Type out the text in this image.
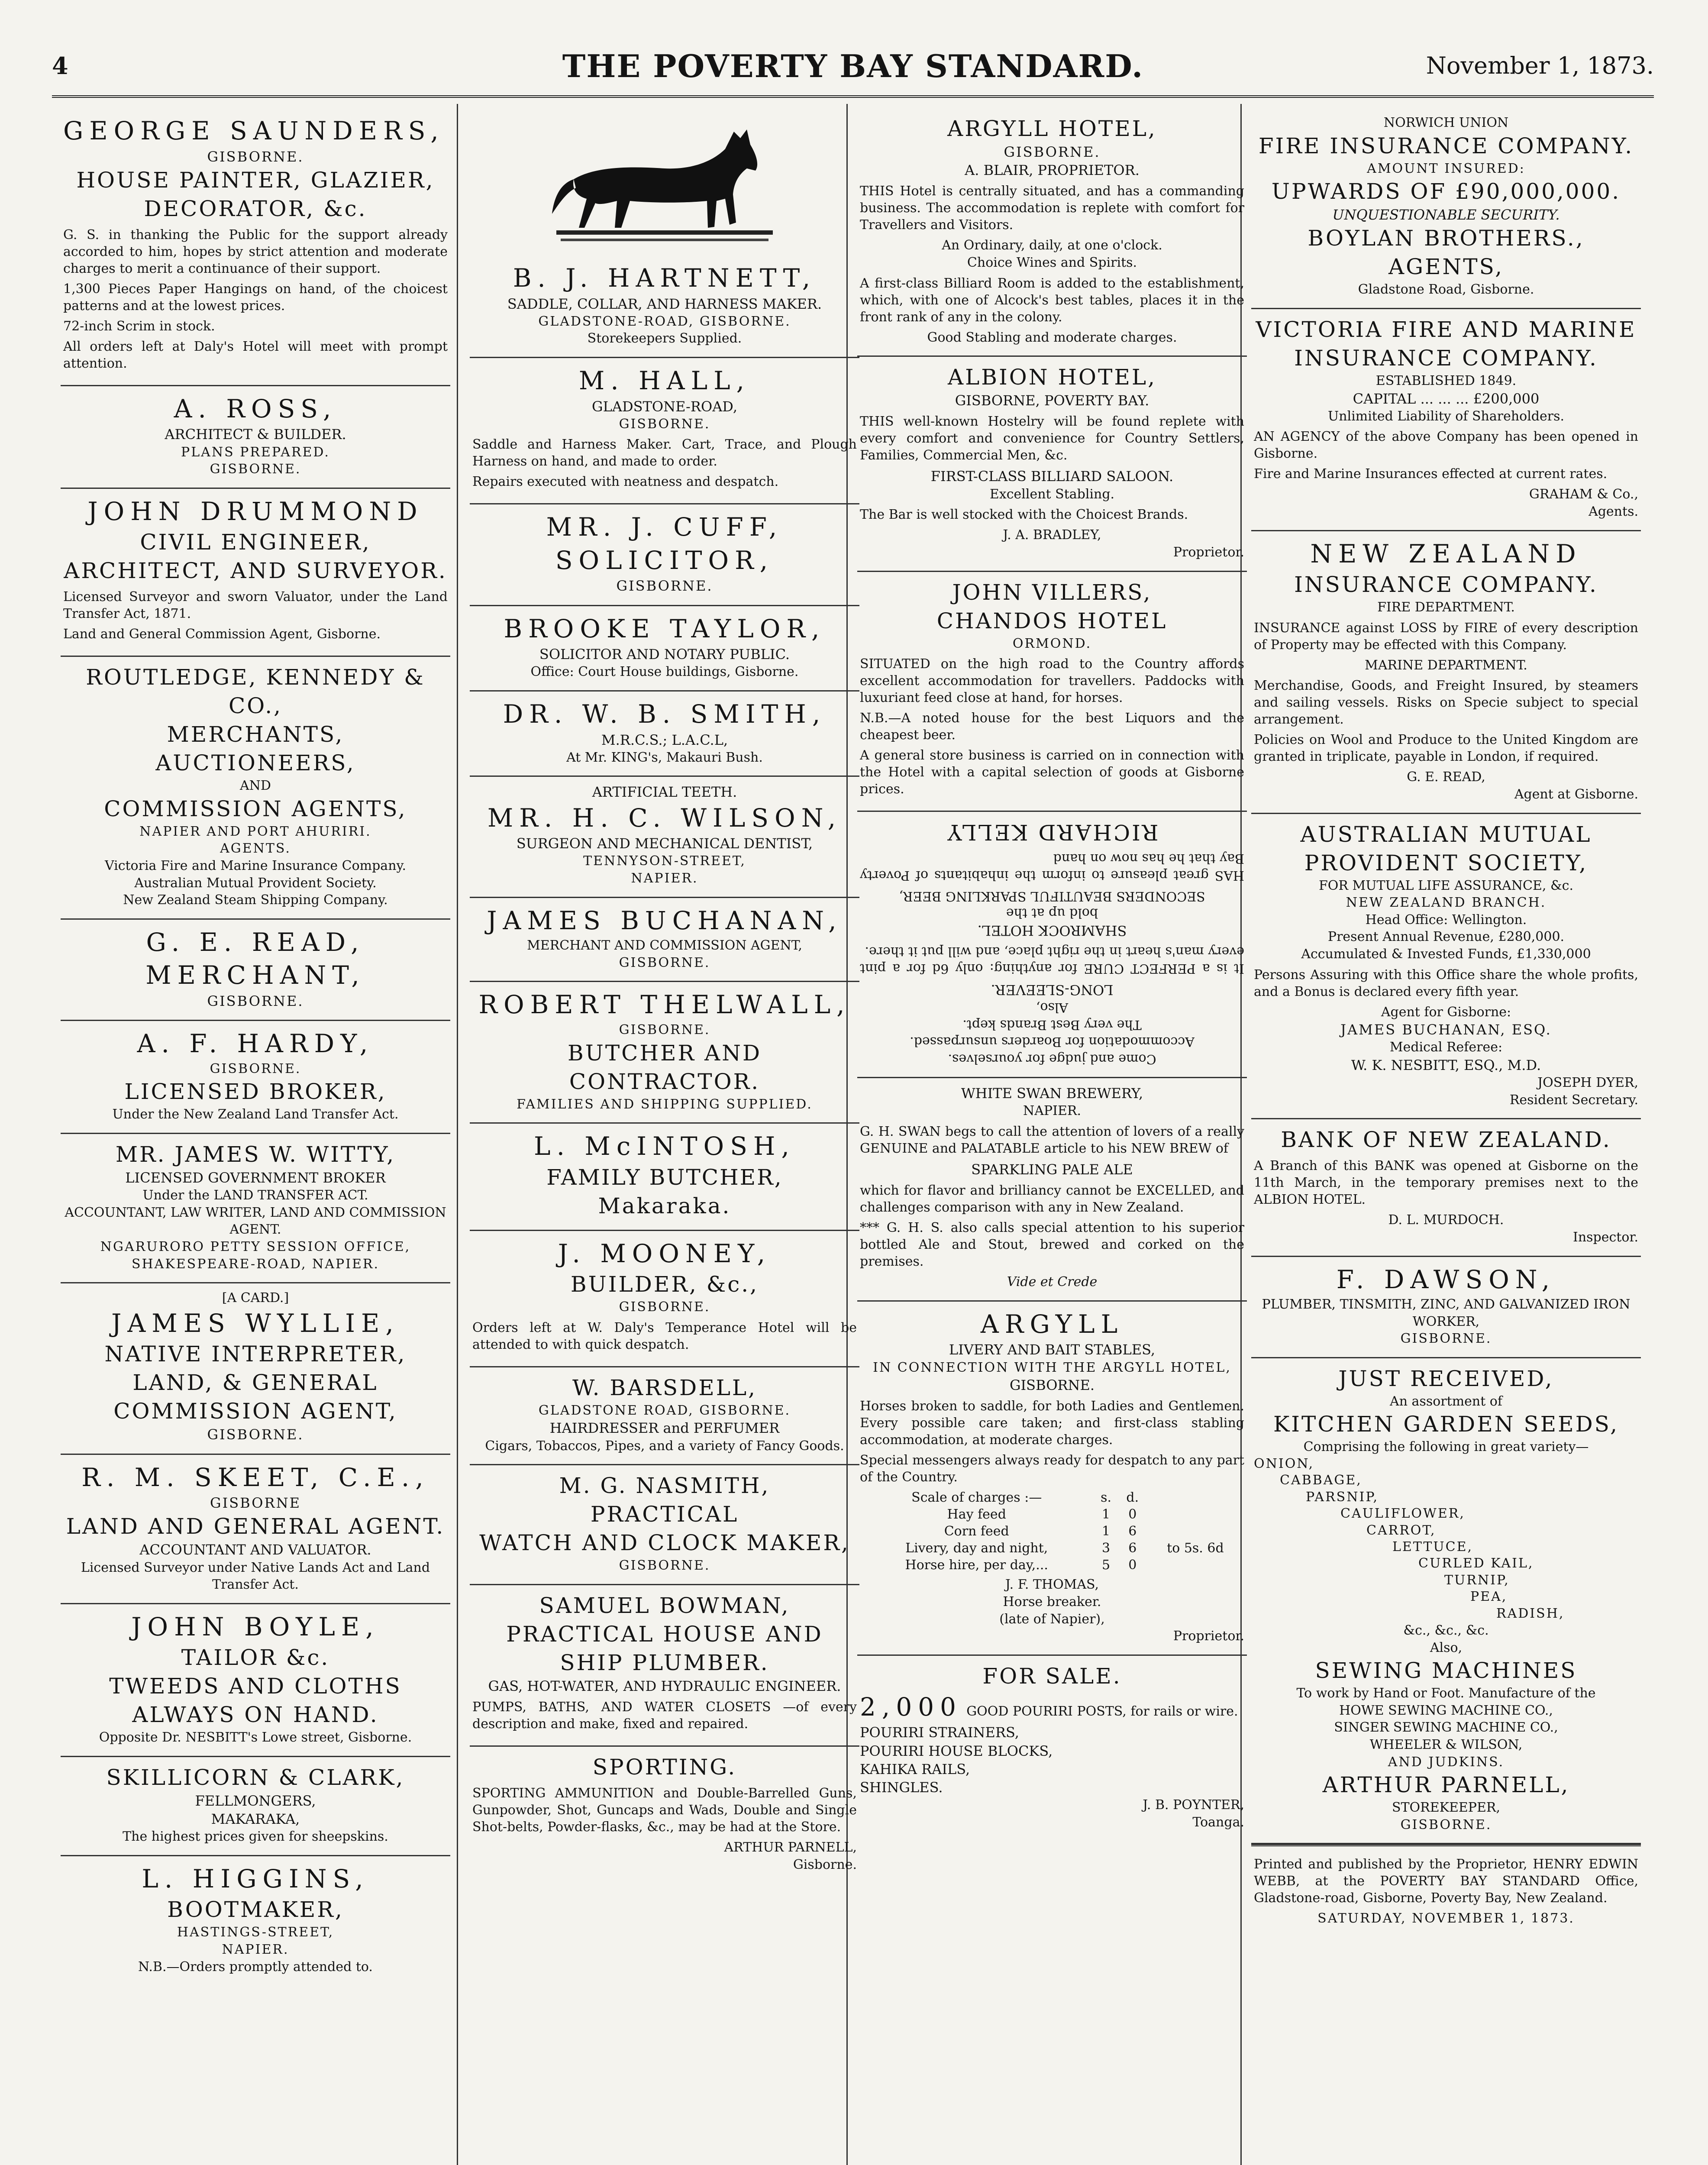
4	THE POVERTY BAY STANDARD.	November 1, 1873.
GEORGE SAUNDERS,
GISBORNE.
HOUSE PAINTER, GLAZIER, DECORATOR, &c.
G. S. in thanking the Public for the support already accorded to him, hopes by strict attention and moderate charges to merit a continuance of their support.
1,300 Pieces Paper Hangings on hand, of the choicest patterns and at the lowest prices.
72-inch Scrim in stock.
All orders left at Daly's Hotel will meet with prompt attention.
A. ROSS,
ARCHITECT & BUILDER.
PLANS PREPARED.
GISBORNE.
JOHN DRUMMOND
CIVIL ENGINEER, ARCHITECT, AND SURVEYOR.
Licensed Surveyor and sworn Valuator, under the Land Transfer Act, 1871.
Land and General Commission Agent, Gisborne.
ROUTLEDGE, KENNEDY & CO.,
MERCHANTS, AUCTIONEERS,
AND
COMMISSION AGENTS,
NAPIER AND PORT AHURIRI.
AGENTS.
Victoria Fire and Marine Insurance Company.
Australian Mutual Provident Society.
New Zealand Steam Shipping Company.
G. E. READ,
MERCHANT,
GISBORNE.
A. F. HARDY,
GISBORNE.
LICENSED BROKER,
Under the New Zealand Land Transfer Act.
MR. JAMES W. WITTY,
LICENSED GOVERNMENT BROKER
Under the LAND TRANSFER ACT.
ACCOUNTANT, LAW WRITER, LAND AND COMMISSION AGENT.
NGARURORO PETTY SESSION OFFICE,
SHAKESPEARE-ROAD, NAPIER.
[A CARD.]
JAMES WYLLIE,
NATIVE INTERPRETER, LAND, & GENERAL COMMISSION AGENT,
GISBORNE.
R. M. SKEET, C.E.,
GISBORNE
LAND AND GENERAL AGENT.
ACCOUNTANT AND VALUATOR.
Licensed Surveyor under Native Lands Act and Land Transfer Act.
JOHN BOYLE,
TAILOR &c.
TWEEDS AND CLOTHS
ALWAYS ON HAND.
Opposite Dr. NESBITT's Lowe street, Gisborne.
SKILLICORN & CLARK,
FELLMONGERS,
MAKARAKA,
The highest prices given for sheepskins.
L. HIGGINS,
BOOTMAKER,
HASTINGS-STREET,
NAPIER.
N.B.—Orders promptly attended to.
B. J. HARTNETT,
SADDLE, COLLAR, AND HARNESS MAKER.
GLADSTONE-ROAD, GISBORNE.
Storekeepers Supplied.
M. HALL,
GLADSTONE-ROAD,
GISBORNE.
Saddle and Harness Maker. Cart, Trace, and Plough Harness on hand, and made to order.
Repairs executed with neatness and despatch.
MR. J. CUFF,
SOLICITOR,
GISBORNE.
BROOKE TAYLOR,
SOLICITOR AND NOTARY PUBLIC.
Office: Court House buildings, Gisborne.
DR. W. B. SMITH,
M.R.C.S.; L.A.C.L,
At Mr. KING's, Makauri Bush.
ARTIFICIAL TEETH.
MR. H. C. WILSON,
SURGEON AND MECHANICAL DENTIST,
TENNYSON-STREET,
NAPIER.
JAMES BUCHANAN,
MERCHANT AND COMMISSION AGENT,
GISBORNE.
ROBERT THELWALL,
GISBORNE.
BUTCHER AND CONTRACTOR.
FAMILIES AND SHIPPING SUPPLIED.
L. McINTOSH,
FAMILY BUTCHER,
Makaraka.
J. MOONEY,
BUILDER, &c.,
GISBORNE.
Orders left at W. Daly's Temperance Hotel will be attended to with quick despatch.
W. BARSDELL,
GLADSTONE ROAD, GISBORNE.
HAIRDRESSER and PERFUMER
Cigars, Tobaccos, Pipes, and a variety of Fancy Goods.
M. G. NASMITH,
PRACTICAL
WATCH AND CLOCK MAKER,
GISBORNE.
SAMUEL BOWMAN,
PRACTICAL HOUSE AND SHIP PLUMBER.
GAS, HOT-WATER, AND HYDRAULIC ENGINEER.
PUMPS, BATHS, AND WATER CLOSETS —of every description and make, fixed and repaired.
SPORTING.
SPORTING AMMUNITION and Double-Barrelled Guns, Gunpowder, Shot, Guncaps and Wads, Double and Single Shot-belts, Powder-flasks, &c., may be had at the Store.
ARTHUR PARNELL,
Gisborne.
ARGYLL HOTEL,
GISBORNE.
A. BLAIR, PROPRIETOR.
THIS Hotel is centrally situated, and has a commanding business. The accommodation is replete with comfort for Travellers and Visitors.
An Ordinary, daily, at one o'clock.
Choice Wines and Spirits.
A first-class Billiard Room is added to the establishment, which, with one of Alcock's best tables, places it in the front rank of any in the colony.
Good Stabling and moderate charges.
ALBION HOTEL,
GISBORNE, POVERTY BAY.
THIS well-known Hostelry will be found replete with every comfort and convenience for Country Settlers, Families, Commercial Men, &c.
FIRST-CLASS BILLIARD SALOON.
Excellent Stabling.
The Bar is well stocked with the Choicest Brands.
J. A. BRADLEY,
Proprietor.
JOHN VILLERS,
CHANDOS HOTEL
ORMOND.
SITUATED on the high road to the Country affords excellent accommodation for travellers. Paddocks with luxuriant feed close at hand, for horses.
N.B.—A noted house for the best Liquors and the cheapest beer.
A general store business is carried on in connection with the Hotel with a capital selection of goods at Gisborne prices.
Come and judge for yourselves.
Accommodation for Boarders unsurpassed.
The very Best Brands kept.
Also,
LONG-SLEEVER.
It is a PERFECT CURE for anything: only 6d for a pint every man's heart in the right place, and will put it there.
SHAMROCK HOTEL.
bold up at the
SECONDERS BEAUTIFUL SPARKLING BEER,
HAS great pleasure to inform the inhabitants of Poverty Bay that he has now on hand
RICHARD KELLY
WHITE SWAN BREWERY,
NAPIER.
G. H. SWAN begs to call the attention of lovers of a really GENUINE and PALATABLE article to his NEW BREW of
SPARKLING PALE ALE
which for flavor and brilliancy cannot be EXCELLED, and challenges comparison with any in New Zealand.
*** G. H. S. also calls special attention to his superior bottled Ale and Stout, brewed and corked on the premises.
Vide et Crede
ARGYLL
LIVERY AND BAIT STABLES,
IN CONNECTION WITH THE ARGYLL HOTEL,
GISBORNE.
Horses broken to saddle, for both Ladies and Gentlemen. Every possible care taken; and first-class stabling accommodation, at moderate charges.
Special messengers always ready for despatch to any part of the Country.
Scale of charges :—	s.	d.	
Hay feed	1	0	
Corn feed	1	6	
Livery, day and night,	3	6	to 5s. 6d
Horse hire, per day,...	5	0	
J. F. THOMAS,
Horse breaker.
(late of Napier),
Proprietor.
FOR SALE.
2,000 GOOD POURIRI POSTS, for rails or wire.
POURIRI STRAINERS,
POURIRI HOUSE BLOCKS,
KAHIKA RAILS,
SHINGLES.
J. B. POYNTER,
Toanga.
NORWICH UNION
FIRE INSURANCE COMPANY.
AMOUNT INSURED:
UPWARDS OF £90,000,000.
UNQUESTIONABLE SECURITY.
BOYLAN BROTHERS., AGENTS,
Gladstone Road, Gisborne.
VICTORIA FIRE AND MARINE INSURANCE COMPANY.
ESTABLISHED 1849.
CAPITAL ... ... ... £200,000
Unlimited Liability of Shareholders.
AN AGENCY of the above Company has been opened in Gisborne.
Fire and Marine Insurances effected at current rates.
GRAHAM & Co.,
Agents.
NEW ZEALAND
INSURANCE COMPANY.
FIRE DEPARTMENT.
INSURANCE against LOSS by FIRE of every description of Property may be effected with this Company.
MARINE DEPARTMENT.
Merchandise, Goods, and Freight Insured, by steamers and sailing vessels. Risks on Specie subject to special arrangement.
Policies on Wool and Produce to the United Kingdom are granted in triplicate, payable in London, if required.
G. E. READ,
Agent at Gisborne.
AUSTRALIAN MUTUAL PROVIDENT SOCIETY,
FOR MUTUAL LIFE ASSURANCE, &c.
NEW ZEALAND BRANCH.
Head Office: Wellington.
Present Annual Revenue, £280,000.
Accumulated & Invested Funds, £1,330,000
Persons Assuring with this Office share the whole profits, and a Bonus is declared every fifth year.
Agent for Gisborne:
JAMES BUCHANAN, ESQ.
Medical Referee:
W. K. NESBITT, ESQ., M.D.
JOSEPH DYER,
Resident Secretary.
BANK OF NEW ZEALAND.
A Branch of this BANK was opened at Gisborne on the 11th March, in the temporary premises next to the ALBION HOTEL.
D. L. MURDOCH.
Inspector.
F. DAWSON,
PLUMBER, TINSMITH, ZINC, AND GALVANIZED IRON WORKER,
GISBORNE.
JUST RECEIVED,
An assortment of
KITCHEN GARDEN SEEDS,
Comprising the following in great variety—
ONION,
CABBAGE,
PARSNIP,
CAULIFLOWER,
CARROT,
LETTUCE,
CURLED KAIL,
TURNIP,
PEA,
RADISH,
&c., &c., &c.
Also,
SEWING MACHINES
To work by Hand or Foot. Manufacture of the
HOWE SEWING MACHINE CO.,
SINGER SEWING MACHINE CO.,
WHEELER & WILSON,
AND JUDKINS.
ARTHUR PARNELL,
STOREKEEPER,
GISBORNE.
Printed and published by the Proprietor, HENRY EDWIN WEBB, at the POVERTY BAY STANDARD Office, Gladstone-road, Gisborne, Poverty Bay, New Zealand.
SATURDAY, NOVEMBER 1, 1873.
